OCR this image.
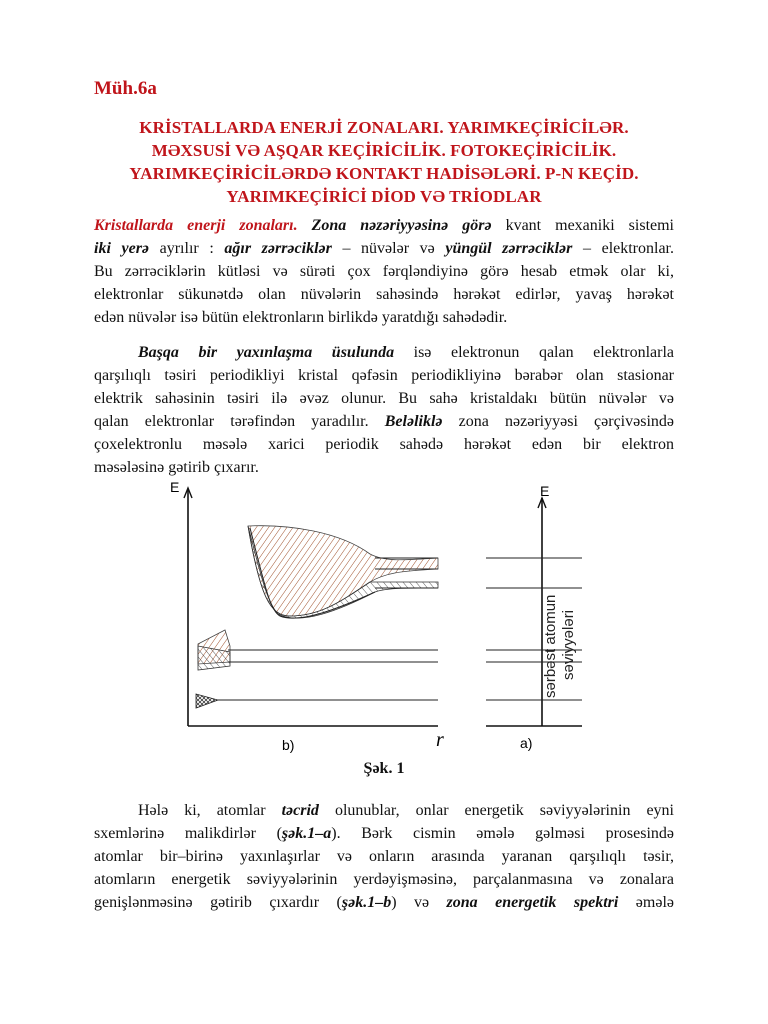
Müh.6a
KRİSTALLARDA ENERJİ ZONALARI. YARIMKEÇİRİCİLƏR.
MƏXSUSİ VƏ AŞQAR KEÇİRİCİLİK. FOTOKEÇİRİCİLİK.
YARIMKEÇİRİCİLƏRDƏ KONTAKT HADİSƏLƏRİ. P-N KEÇİD.
YARIMKEÇİRİCİ DİOD VƏ TRİODLAR
Kristallarda enerji zonaları. Zona nəzəriyyəsinə görə kvant mexaniki sistemi
iki yerə ayrılır : ağır zərrəciklər – nüvələr və yüngül zərrəciklər – elektronlar.
Bu zərrəciklərin kütləsi və sürəti çox fərqləndiyinə görə hesab etmək olar ki,
elektronlar sükunətdə olan nüvələrin sahəsində hərəkət edirlər, yavaş hərəkət
edən nüvələr isə bütün elektronların birlikdə yaratdığı sahədədir.
Başqa bir yaxınlaşma üsulunda isə elektronun qalan elektronlarla
qarşılıqlı təsiri periodikliyi kristal qəfəsin periodikliyinə bərabər olan stasionar
elektrik sahəsinin təsiri ilə əvəz olunur. Bu sahə kristaldakı bütün nüvələr və
qalan elektronlar tərəfindən yaradılır. Beləliklə zona nəzəriyyəsi çərçivəsində
çoxelektronlu məsələ xarici periodik sahədə hərəkət edən bir elektron
məsələsinə gətirib çıxarır.
E
r
b)
E
a)
sərbəst atomun səviyyələri
Şək. 1
Hələ ki, atomlar təcrid olunublar, onlar energetik səviyyələrinin eyni
sxemlərinə malikdirlər (şək.1–a). Bərk cismin əmələ gəlməsi prosesində
atomlar bir–birinə yaxınlaşırlar və onların arasında yaranan qarşılıqlı təsir,
atomların energetik səviyyələrinin yerdəyişməsinə, parçalanmasına və zonalara
genişlənməsinə gətirib çıxardır (şək.1–b) və zona energetik spektri əmələ
